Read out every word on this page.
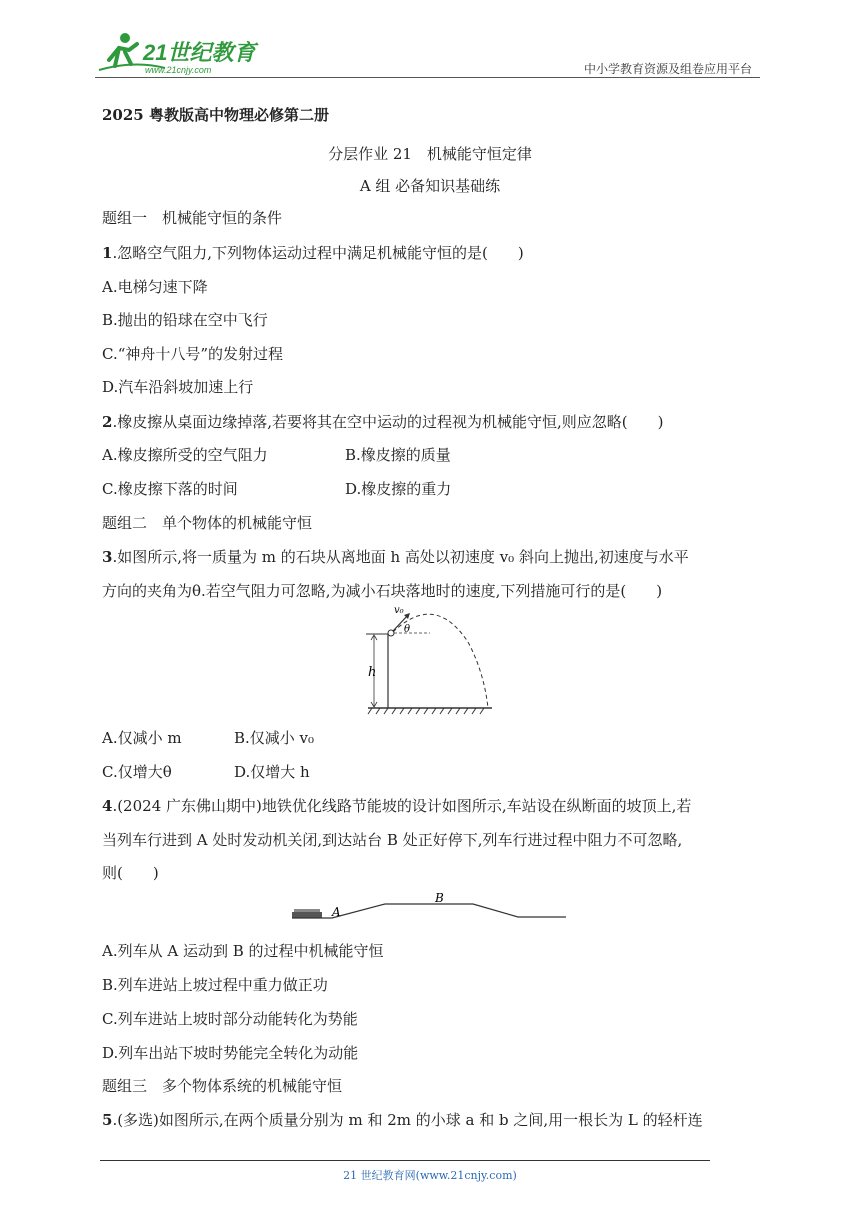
21世纪教育
www.21cnjy.com	中小学教育资源及组卷应用平台
2025 粤教版高中物理必修第二册
分层作业 21　机械能守恒定律
A 组 必备知识基础练
题组一　机械能守恒的条件
1.忽略空气阻力,下列物体运动过程中满足机械能守恒的是(　　)
A.电梯匀速下降
B.抛出的铅球在空中飞行
C.“神舟十八号”的发射过程
D.汽车沿斜坡加速上行
2.橡皮擦从桌面边缘掉落,若要将其在空中运动的过程视为机械能守恒,则应忽略(　　)
A.橡皮擦所受的空气阻力	B.橡皮擦的质量
C.橡皮擦下落的时间	D.橡皮擦的重力
题组二　单个物体的机械能守恒
3.如图所示,将一质量为 m 的石块从离地面 h 高处以初速度 v₀ 斜向上抛出,初速度与水平
方向的夹角为θ.若空气阻力可忽略,为减小石块落地时的速度,下列措施可行的是(　　)
h
v₀
θ
A.仅减小 m	B.仅减小 v₀
C.仅增大θ	D.仅增大 h
4.(2024 广东佛山期中)地铁优化线路节能坡的设计如图所示,车站设在纵断面的坡顶上,若
当列车行进到 A 处时发动机关闭,到达站台 B 处正好停下,列车行进过程中阻力不可忽略,
则(　　)
A
B
A.列车从 A 运动到 B 的过程中机械能守恒
B.列车进站上坡过程中重力做正功
C.列车进站上坡时部分动能转化为势能
D.列车出站下坡时势能完全转化为动能
题组三　多个物体系统的机械能守恒
5.(多选)如图所示,在两个质量分别为 m 和 2m 的小球 a 和 b 之间,用一根长为 L 的轻杆连
21 世纪教育网(www.21cnjy.com)
